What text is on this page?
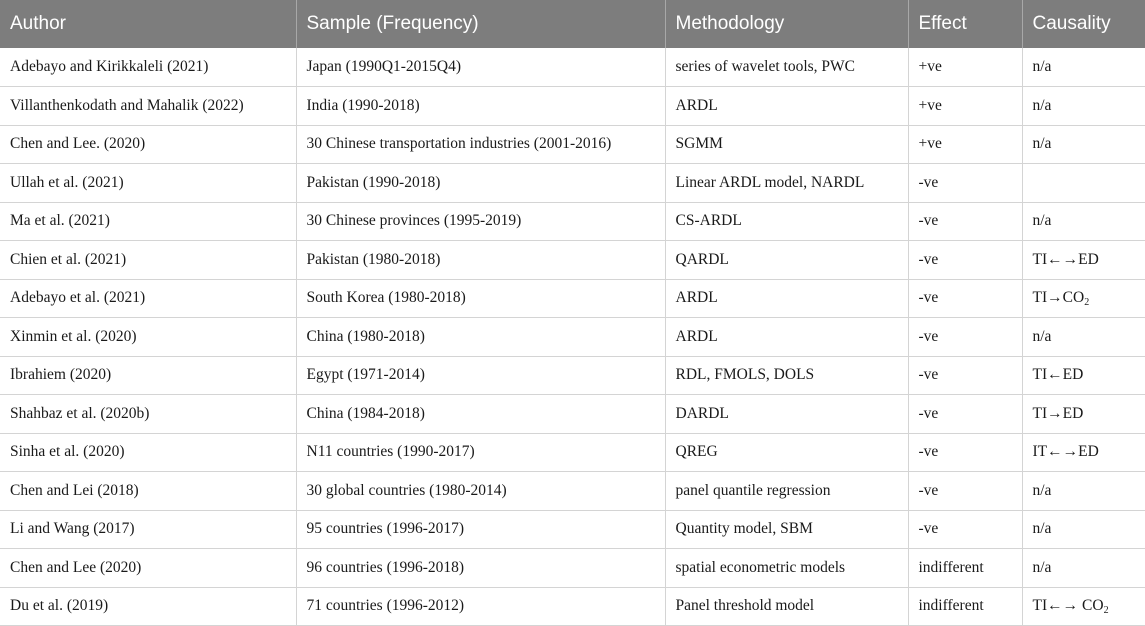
Author	Sample (Frequency)	Methodology	Effect	Causality
Adebayo and Kirikkaleli (2021)	Japan (1990Q1-2015Q4)	series of wavelet tools, PWC	+ve	n/a
Villanthenkodath and Mahalik (2022)	India (1990-2018)	ARDL	+ve	n/a
Chen and Lee. (2020)	30 Chinese transportation industries (2001-2016)	SGMM	+ve	n/a
Ullah et al. (2021)	Pakistan (1990-2018)	Linear ARDL model, NARDL	-ve	
Ma et al. (2021)	30 Chinese provinces (1995-2019)	CS-ARDL	-ve	n/a
Chien et al. (2021)	Pakistan (1980-2018)	QARDL	-ve	TI←→ED
Adebayo et al. (2021)	South Korea (1980-2018)	ARDL	-ve	$TI\to CO_2$
Xinmin et al. (2020)	China (1980-2018)	ARDL	-ve	n/a
Ibrahiem (2020)	Egypt (1971-2014)	RDL, FMOLS, DOLS	-ve	TI←ED
Shahbaz et al. (2020b)	China (1984-2018)	DARDL	-ve	TI→ED
Sinha et al. (2020)	N11 countries (1990-2017)	QREG	-ve	IT←→ED
Chen and Lei (2018)	30 global countries (1980-2014)	panel quantile regression	-ve	n/a
Li and Wang (2017)	95 countries (1996-2017)	Quantity model, SBM	-ve	n/a
Chen and Lee (2020)	96 countries (1996-2018)	spatial econometric models	indifferent	n/a
Du et al. (2019)	71 countries (1996-2012)	Panel threshold model	indifferent	TI←→ $CO_2$
